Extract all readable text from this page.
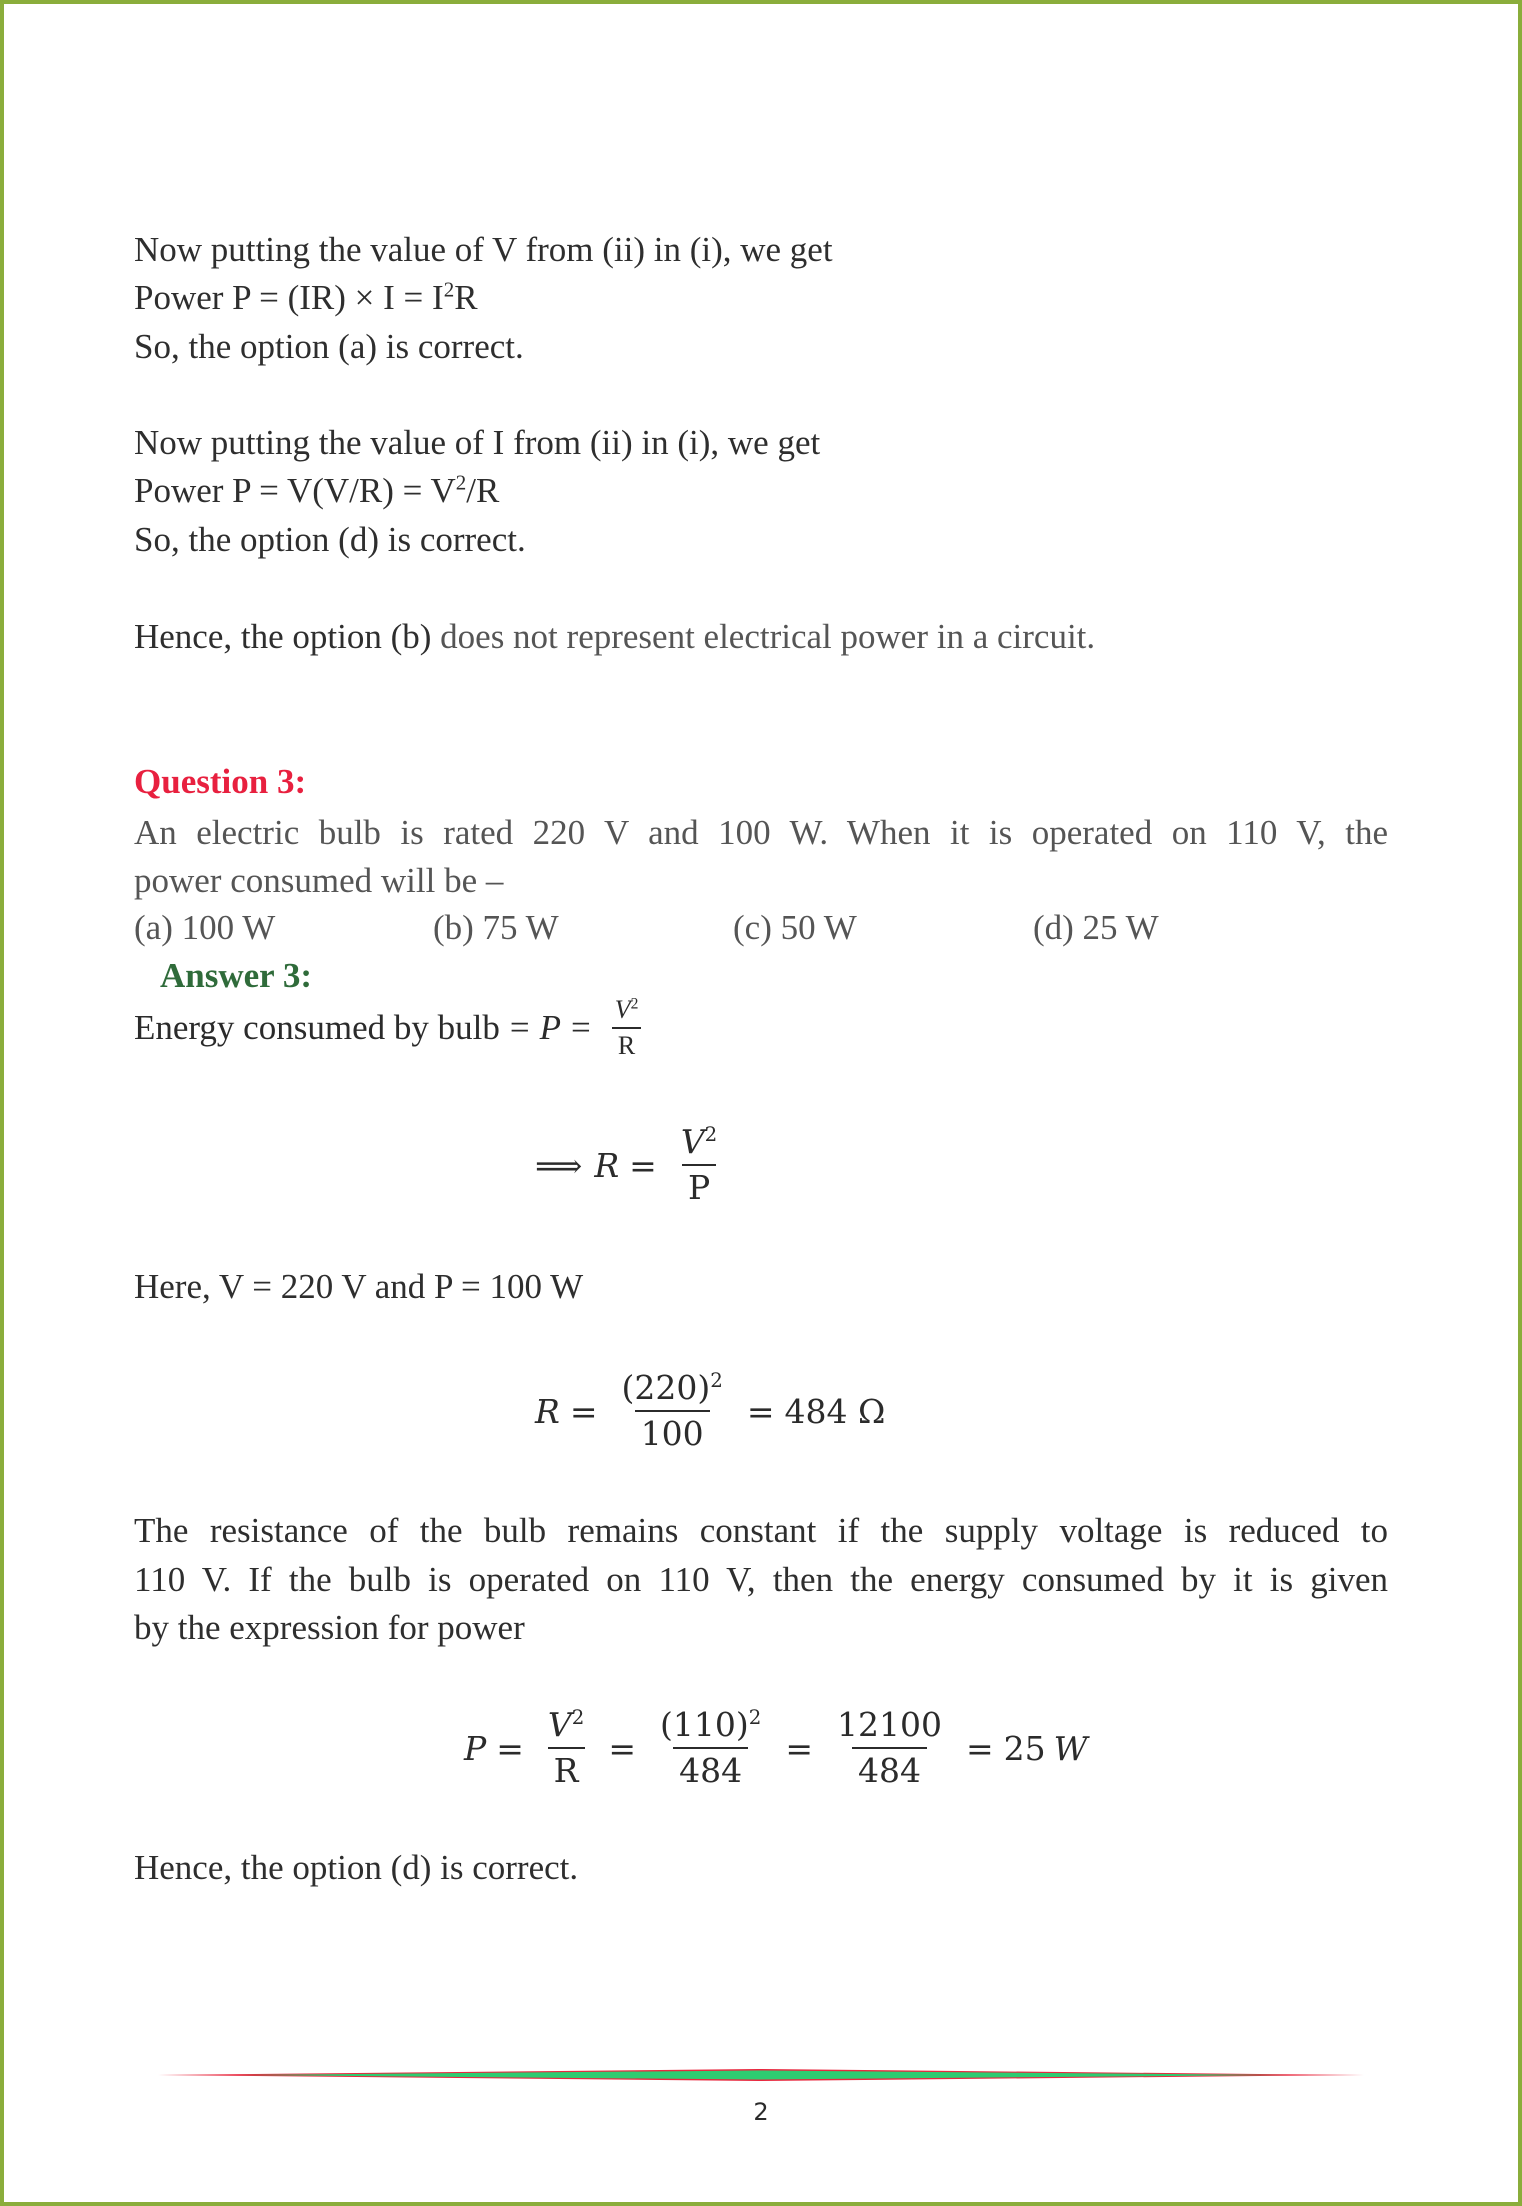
Now putting the value of V from (ii) in (i), we get
Power $P = (IR) \times I = I^2R$
So, the option (a) is correct.
Now putting the value of I from (ii) in (i), we get
Power $P = V(V/R) = V^2/R$
So, the option (d) is correct.
Hence, the option (b) does not represent electrical power in a circuit.
Question 3:
An electric bulb is rated 220 V and 100 W. When it is operated on 110 V, the
power consumed will be –
(a) 100 W	(b) 75 W	(c) 50 W	(d) 25 W
Answer 3:
Energy consumed by bulb = $P = \frac{V^2}{R}$
⟹ $R = \frac{V^2}{P}$
Here, V = 220 V and P = 100 W
$R = \frac{(220)^2}{100} = 484$ Ω
The resistance of the bulb remains constant if the supply voltage is reduced to
110 V. If the bulb is operated on 110 V, then the energy consumed by it is given
by the expression for power
$P = \frac{V^2}{R} = \frac{(110)^2}{484} = \frac{12100}{484} = 25$ W
Hence, the option (d) is correct.
2
